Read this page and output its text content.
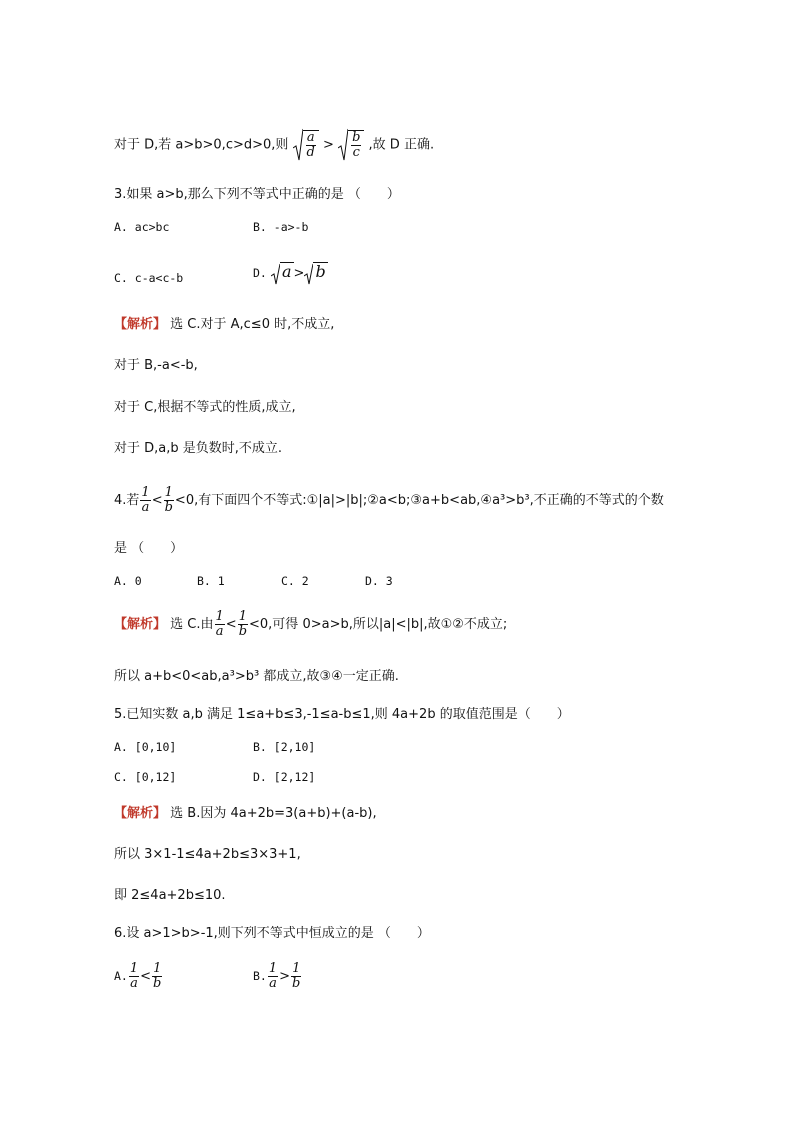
对于 D,若 a>b>0,c>d>0,则 $\frac{a}{d} > \frac{b}{c}$ ,故 D 正确.
3.如果 a>b,那么下列不等式中正确的是 （　　）
A. ac>bc	B. -a>-b
C. c-a<c-b	D. a > b
【解析】 选 C.对于 A,c≤0 时,不成立,
对于 B,-a<-b,
对于 C,根据不等式的性质,成立,
对于 D,a,b 是负数时,不成立.
4.若 $\frac{1}{a} < \frac{1}{b} <0$,有下面四个不等式:①|a|>|b|;②a<b;③a+b<ab,④a³>b³,不正确的不等式的个数
是 （　　）
A. 0	B. 1	C. 2	D. 3
【解析】 选 C.由 $\frac{1}{a} < \frac{1}{b} <0$,可得 0>a>b,所以|a|<|b|,故①②不成立;
所以 a+b<0<ab,a³>b³ 都成立,故③④一定正确.
5.已知实数 a,b 满足 1≤a+b≤3,-1≤a-b≤1,则 4a+2b 的取值范围是（　　）
A. [0,10]	B. [2,10]
C. [0,12]	D. [2,12]
【解析】 选 B.因为 4a+2b=3(a+b)+(a-b),
所以 3×1-1≤4a+2b≤3×3+1,
即 2≤4a+2b≤10.
6.设 a>1>b>-1,则下列不等式中恒成立的是 （　　）
A. $\frac{1}{a} < \frac{1}{b}$	B. $\frac{1}{a} > \frac{1}{b}$
